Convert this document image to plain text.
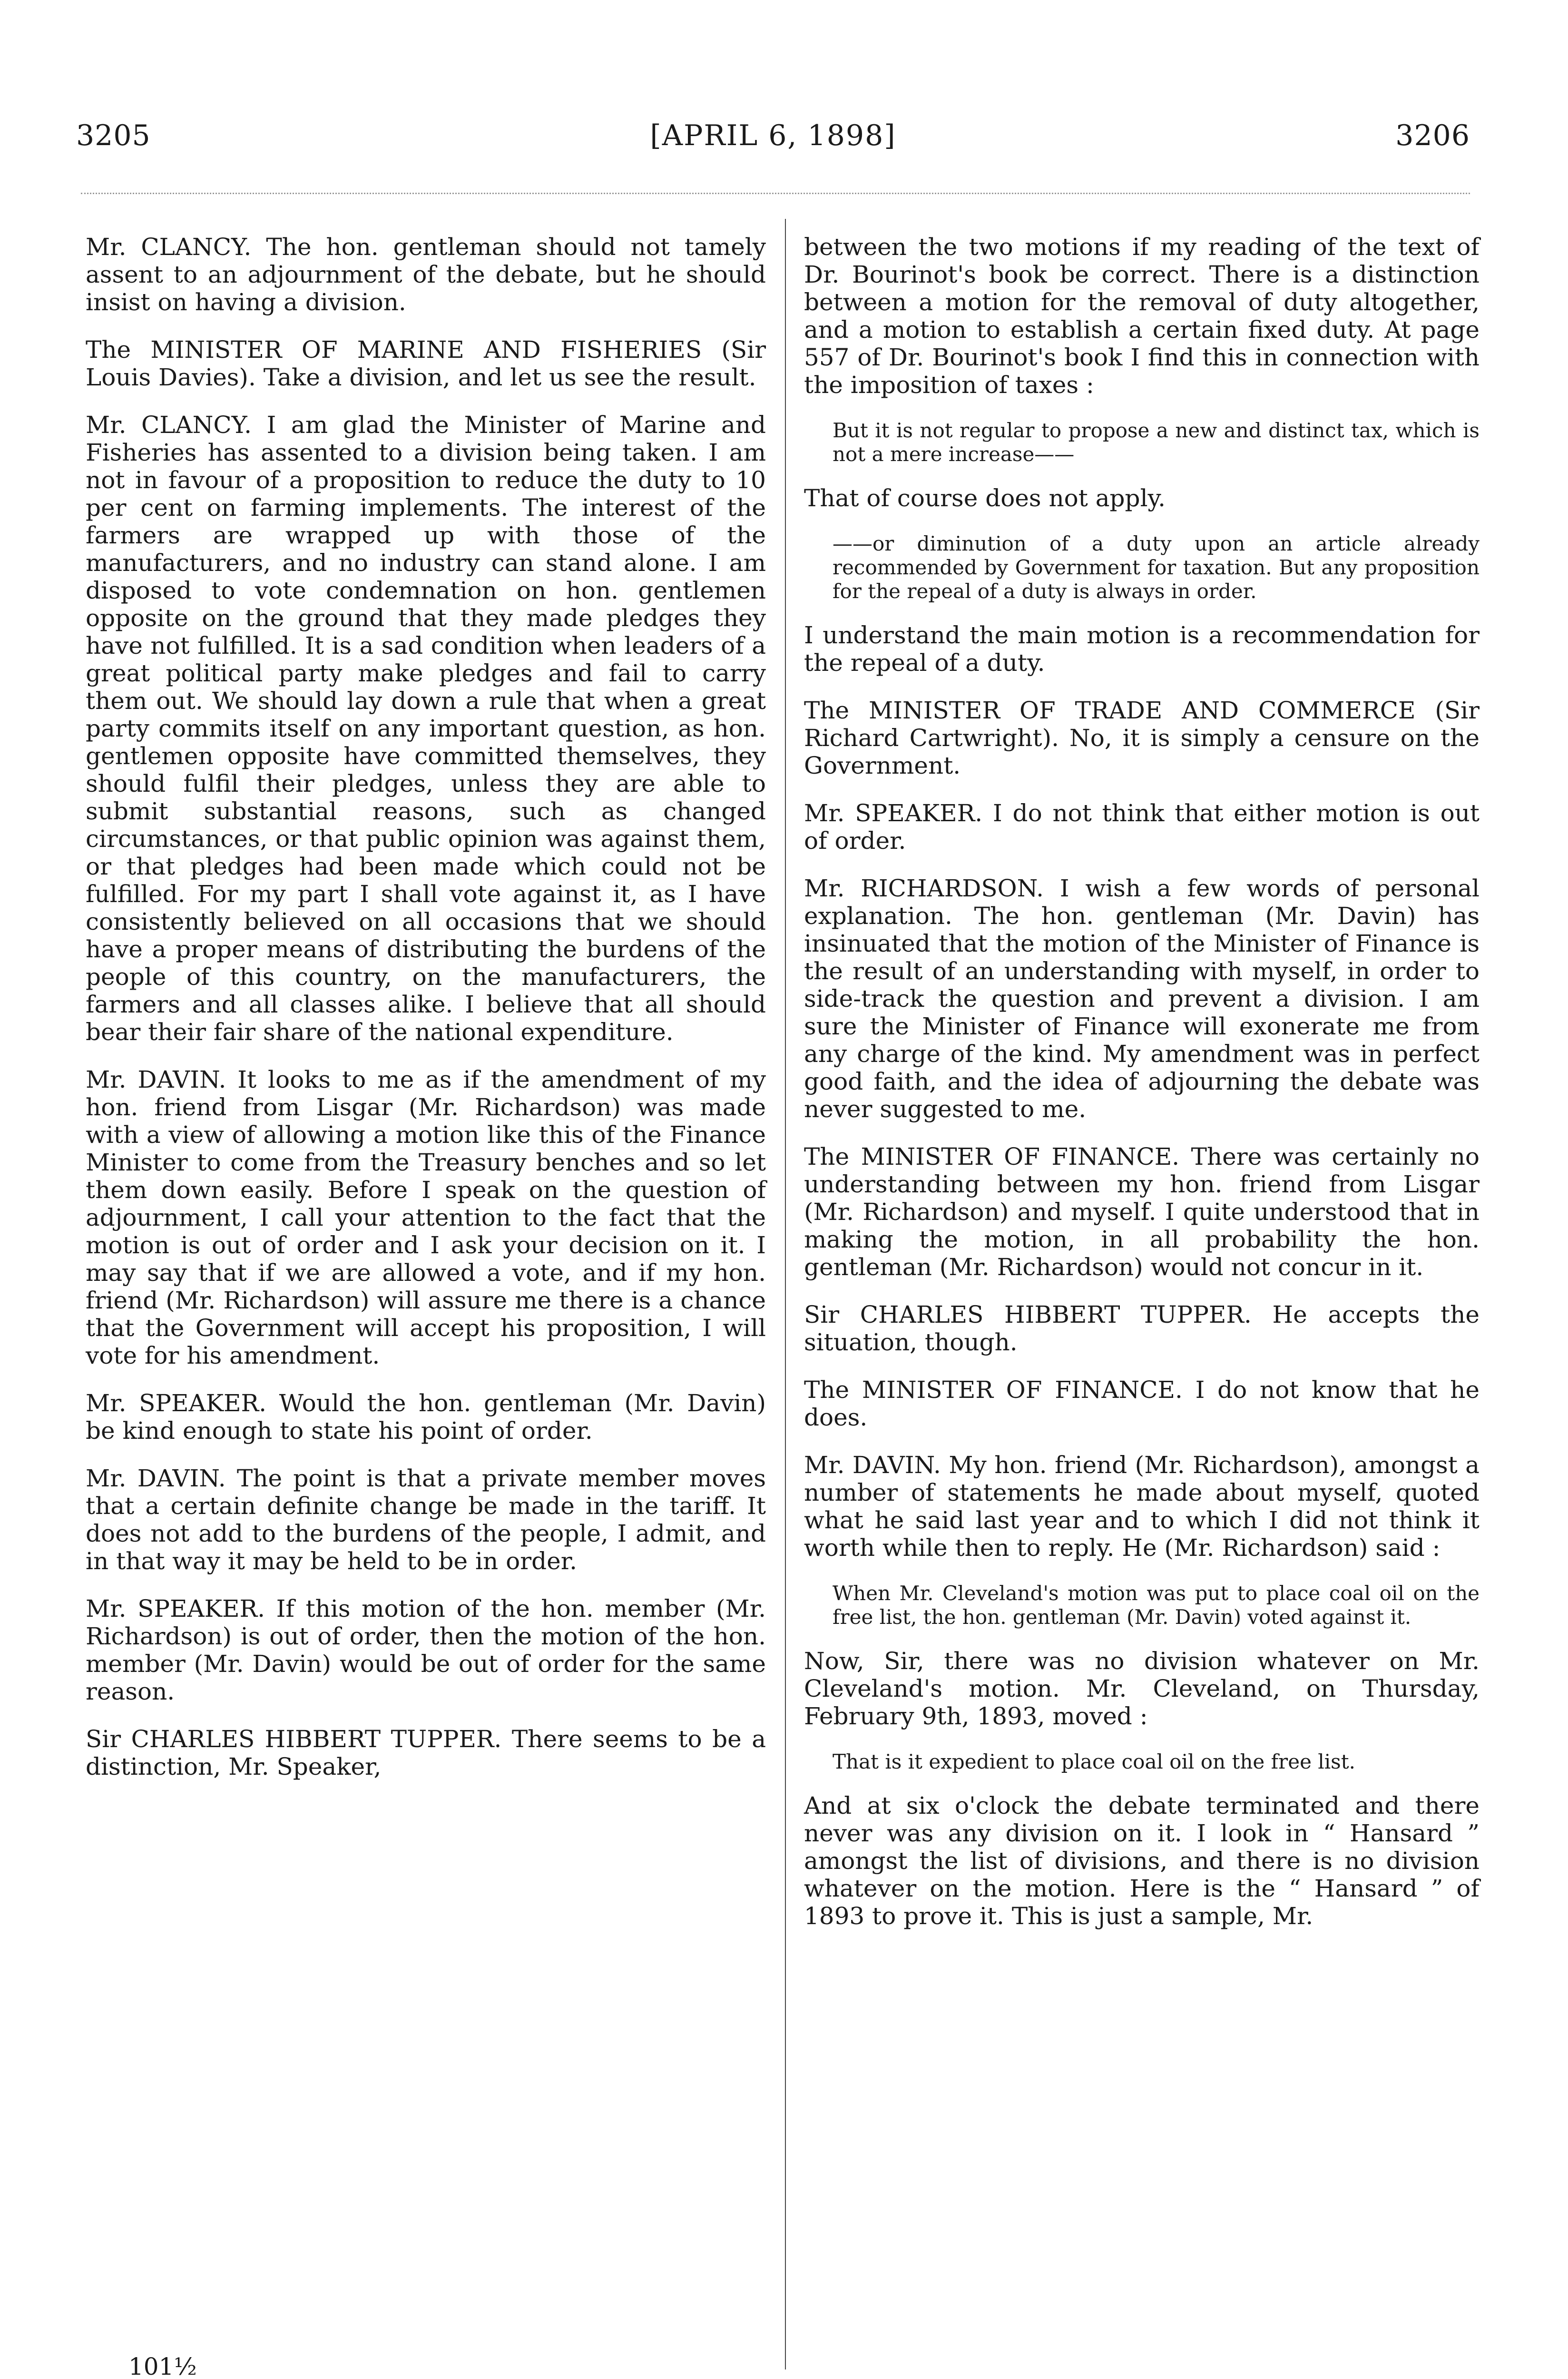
3205	[APRIL 6, 1898]	3206

Mr. CLANCY. The hon. gentleman should not tamely assent to an adjournment of the debate, but he should insist on having a division.

The MINISTER OF MARINE AND FISHERIES (Sir Louis Davies). Take a division, and let us see the result.

Mr. CLANCY. I am glad the Minister of Marine and Fisheries has assented to a division being taken. I am not in favour of a proposition to reduce the duty to 10 per cent on farming implements. The interest of the farmers are wrapped up with those of the manufacturers, and no industry can stand alone. I am disposed to vote condemnation on hon. gentlemen opposite on the ground that they made pledges they have not fulfilled. It is a sad condition when leaders of a great political party make pledges and fail to carry them out. We should lay down a rule that when a great party commits itself on any important question, as hon. gentlemen opposite have committed themselves, they should fulfil their pledges, unless they are able to submit substantial reasons, such as changed circumstances, or that public opinion was against them, or that pledges had been made which could not be fulfilled. For my part I shall vote against it, as I have consistently believed on all occasions that we should have a proper means of distributing the burdens of the people of this country, on the manufacturers, the farmers and all classes alike. I believe that all should bear their fair share of the national expenditure.

Mr. DAVIN. It looks to me as if the amendment of my hon. friend from Lisgar (Mr. Richardson) was made with a view of allowing a motion like this of the Finance Minister to come from the Treasury benches and so let them down easily. Before I speak on the question of adjournment, I call your attention to the fact that the motion is out of order and I ask your decision on it. I may say that if we are allowed a vote, and if my hon. friend (Mr. Richardson) will assure me there is a chance that the Government will accept his proposition, I will vote for his amendment.

Mr. SPEAKER. Would the hon. gentleman (Mr. Davin) be kind enough to state his point of order.

Mr. DAVIN. The point is that a private member moves that a certain definite change be made in the tariff. It does not add to the burdens of the people, I admit, and in that way it may be held to be in order.

Mr. SPEAKER. If this motion of the hon. member (Mr. Richardson) is out of order, then the motion of the hon. member (Mr. Davin) would be out of order for the same reason.

Sir CHARLES HIBBERT TUPPER. There seems to be a distinction, Mr. Speaker,

between the two motions if my reading of the text of Dr. Bourinot's book be correct. There is a distinction between a motion for the removal of duty altogether, and a motion to establish a certain fixed duty. At page 557 of Dr. Bourinot's book I find this in connection with the imposition of taxes :

But it is not regular to propose a new and distinct tax, which is not a mere increase——

That of course does not apply.

——or diminution of a duty upon an article already recommended by Government for taxation. But any proposition for the repeal of a duty is always in order.

I understand the main motion is a recommendation for the repeal of a duty.

The MINISTER OF TRADE AND COMMERCE (Sir Richard Cartwright). No, it is simply a censure on the Government.

Mr. SPEAKER. I do not think that either motion is out of order.

Mr. RICHARDSON. I wish a few words of personal explanation. The hon. gentleman (Mr. Davin) has insinuated that the motion of the Minister of Finance is the result of an understanding with myself, in order to side-track the question and prevent a division. I am sure the Minister of Finance will exonerate me from any charge of the kind. My amendment was in perfect good faith, and the idea of adjourning the debate was never suggested to me.

The MINISTER OF FINANCE. There was certainly no understanding between my hon. friend from Lisgar (Mr. Richardson) and myself. I quite understood that in making the motion, in all probability the hon. gentleman (Mr. Richardson) would not concur in it.

Sir CHARLES HIBBERT TUPPER. He accepts the situation, though.

The MINISTER OF FINANCE. I do not know that he does.

Mr. DAVIN. My hon. friend (Mr. Richardson), amongst a number of statements he made about myself, quoted what he said last year and to which I did not think it worth while then to reply. He (Mr. Richardson) said :

When Mr. Cleveland's motion was put to place coal oil on the free list, the hon. gentleman (Mr. Davin) voted against it.

Now, Sir, there was no division whatever on Mr. Cleveland's motion. Mr. Cleveland, on Thursday, February 9th, 1893, moved :

That is it expedient to place coal oil on the free list.

And at six o'clock the debate terminated and there never was any division on it. I look in “ Hansard ” amongst the list of divisions, and there is no division whatever on the motion. Here is the “ Hansard ” of 1893 to prove it. This is just a sample, Mr.

101½
